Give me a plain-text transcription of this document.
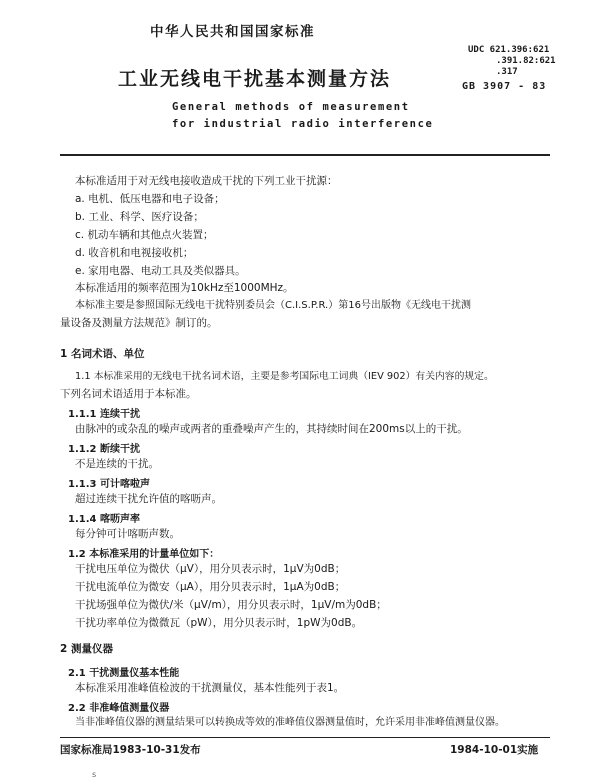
中华人民共和国国家标准
工业无线电干扰基本测量方法
General methods of measurement
for industrial radio interference
UDC 621.396:621
.391.82:621
.317
GB 3907 - 83
本标准适用于对无线电接收造成干扰的下列工业干扰源：
a. 电机、低压电器和电子设备；
b. 工业、科学、医疗设备；
c. 机动车辆和其他点火装置；
d. 收音机和电视接收机；
e. 家用电器、电动工具及类似器具。
本标准适用的频率范围为10kHz至1000MHz。
本标准主要是参照国际无线电干扰特别委员会（C.I.S.P.R.）第16号出版物《无线电干扰测
量设备及测量方法规范》制订的。
1 名词术语、单位
1.1 本标准采用的无线电干扰名词术语，主要是参考国际电工词典（IEV 902）有关内容的规定。
下列名词术语适用于本标准。
1.1.1 连续干扰
由脉冲的或杂乱的噪声或两者的重叠噪声产生的，其持续时间在200ms以上的干扰。
1.1.2 断续干扰
不是连续的干扰。
1.1.3 可计喀啦声
超过连续干扰允许值的喀呖声。
1.1.4 喀呖声率
每分钟可计喀呖声数。
1.2 本标准采用的计量单位如下：
干扰电压单位为微伏（μV），用分贝表示时，1μV为0dB；
干扰电流单位为微安（μA），用分贝表示时，1μA为0dB；
干扰场强单位为微伏/米（μV/m），用分贝表示时，1μV/m为0dB；
干扰功率单位为微微瓦（pW），用分贝表示时，1pW为0dB。
2 测量仪器
2.1 干扰测量仪基本性能
本标准采用准峰值检波的干扰测量仪，基本性能列于表1。
2.2 非准峰值测量仪器
当非准峰值仪器的测量结果可以转换成等效的准峰值仪器测量值时，允许采用非准峰值测量仪器。
国家标准局1983-10-31发布	1984-10-01实施
s
